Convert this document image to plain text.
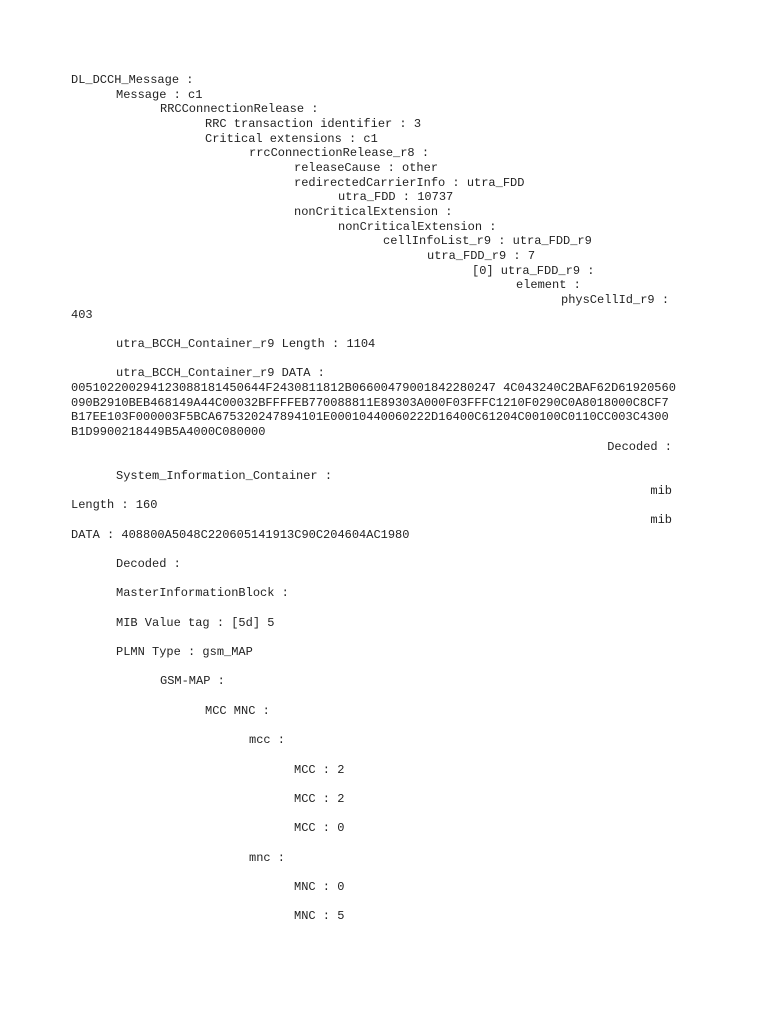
DL_DCCH_Message :
Message : c1
RRCConnectionRelease :
RRC transaction identifier : 3
Critical extensions : c1
rrcConnectionRelease_r8 :
releaseCause : other
redirectedCarrierInfo : utra_FDD
utra_FDD : 10737
nonCriticalExtension :
nonCriticalExtension :
cellInfoList_r9 : utra_FDD_r9
utra_FDD_r9 : 7
[0] utra_FDD_r9 :
element :
physCellId_r9 :
403
utra_BCCH_Container_r9 Length : 1104
utra_BCCH_Container_r9 DATA :
005102200294123088181450644F2430811812B06600479001842280247 4C043240C2BAF62D61920560
090B2910BEB468149A44C00032BFFFFEB770088811E89303A000F03FFFC1210F0290C0A8018000C8CF7
B17EE103F000003F5BCA675320247894101E00010440060222D16400C61204C00100C0110CC003C4300
B1D9900218449B5A4000C080000
Decoded :
System_Information_Container :
mib
Length : 160
mib
DATA : 408800A5048C220605141913C90C204604AC1980
Decoded :
MasterInformationBlock :
MIB Value tag : [5d] 5
PLMN Type : gsm_MAP
GSM-MAP :
MCC MNC :
mcc :
MCC : 2
MCC : 2
MCC : 0
mnc :
MNC : 0
MNC : 5
